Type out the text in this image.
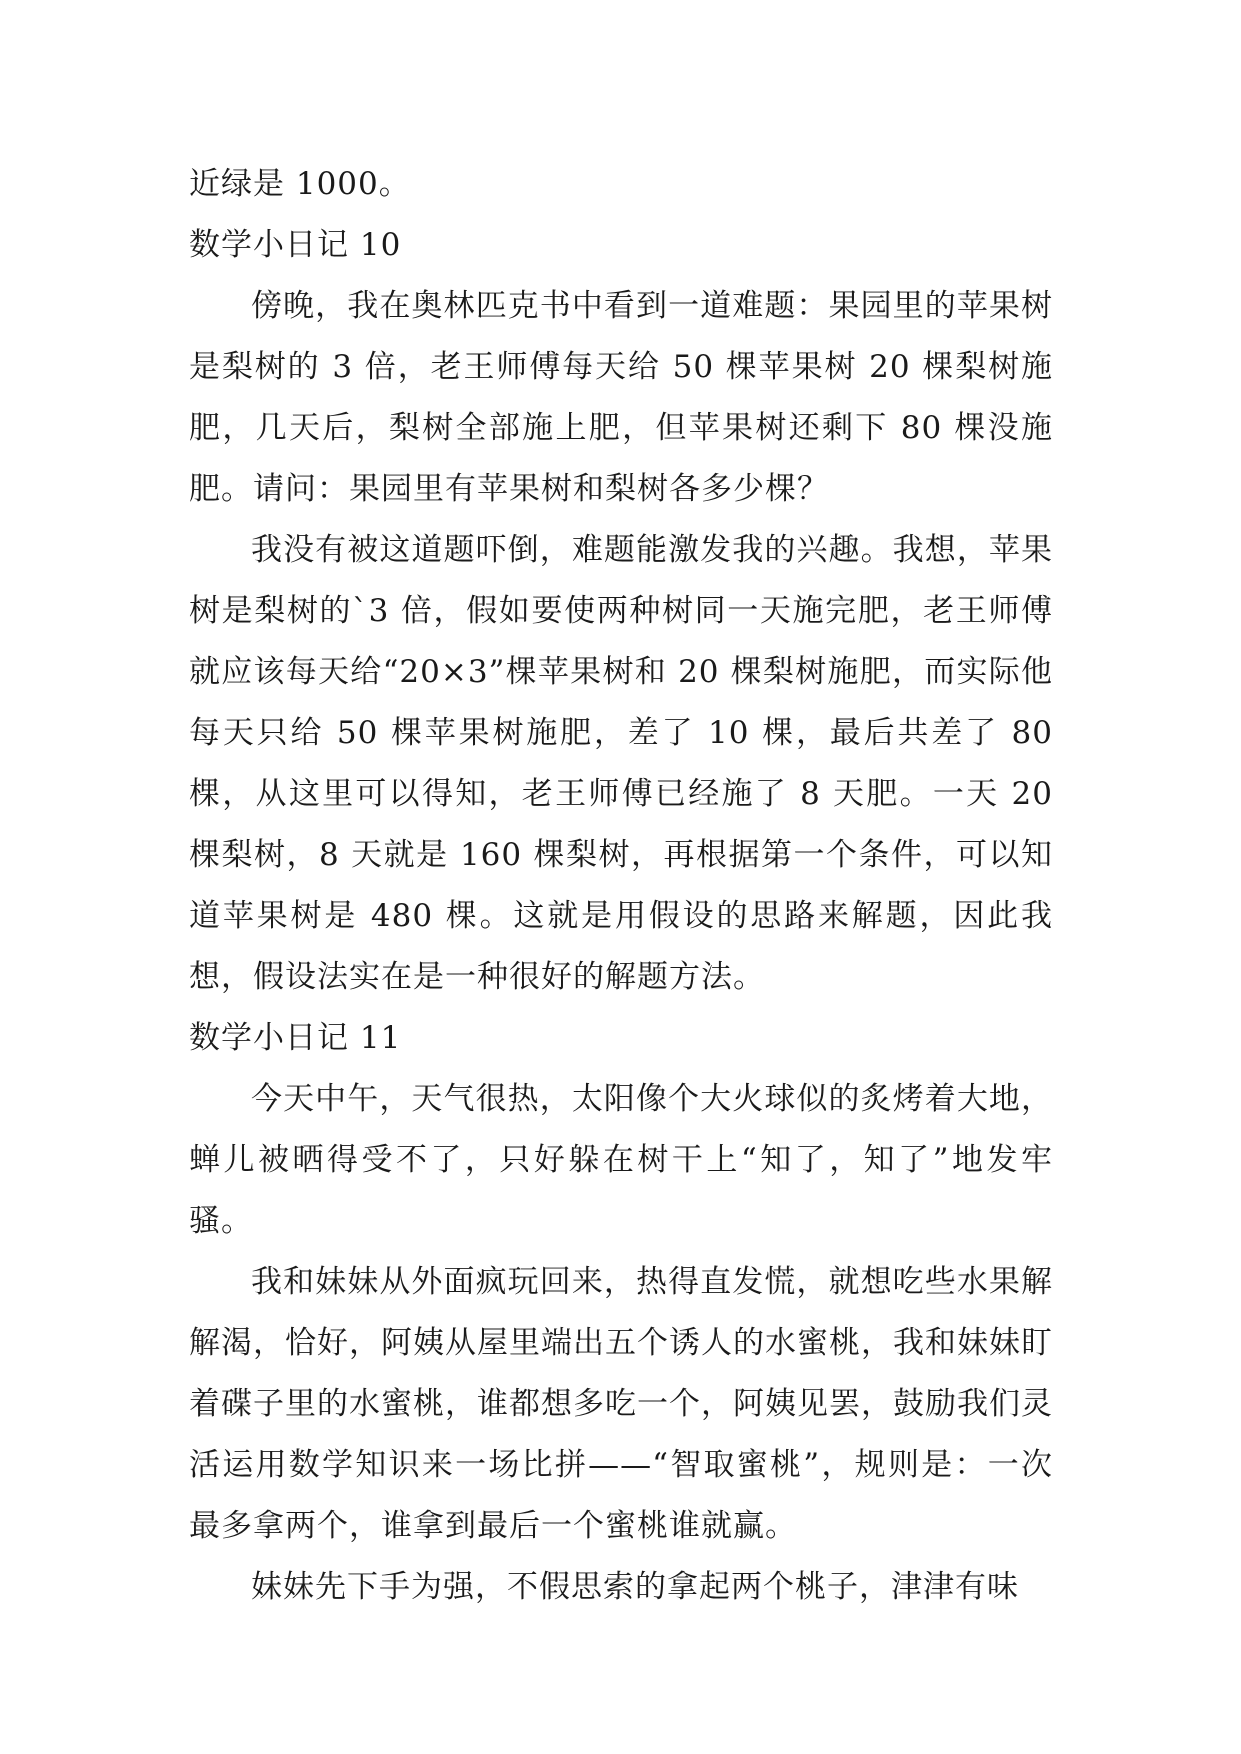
近绿是 1000。

数学小日记 10

傍晚，我在奥林匹克书中看到一道难题：果园里的苹果树是梨树的 3 倍，老王师傅每天给 50 棵苹果树 20 棵梨树施肥，几天后，梨树全部施上肥，但苹果树还剩下 80 棵没施肥。请问：果园里有苹果树和梨树各多少棵？

我没有被这道题吓倒，难题能激发我的兴趣。我想，苹果树是梨树的`3 倍，假如要使两种树同一天施完肥，老王师傅就应该每天给“20×3”棵苹果树和 20 棵梨树施肥，而实际他每天只给 50 棵苹果树施肥，差了 10 棵，最后共差了 80 棵，从这里可以得知，老王师傅已经施了 8 天肥。一天 20 棵梨树，8 天就是 160 棵梨树，再根据第一个条件，可以知道苹果树是 480 棵。这就是用假设的思路来解题，因此我想，假设法实在是一种很好的解题方法。

数学小日记 11

今天中午，天气很热，太阳像个大火球似的炙烤着大地，蝉儿被晒得受不了，只好躲在树干上“知了，知了”地发牢骚。

我和妹妹从外面疯玩回来，热得直发慌，就想吃些水果解解渴，恰好，阿姨从屋里端出五个诱人的水蜜桃，我和妹妹盯着碟子里的水蜜桃，谁都想多吃一个，阿姨见罢，鼓励我们灵活运用数学知识来一场比拼——“智取蜜桃”，规则是：一次最多拿两个，谁拿到最后一个蜜桃谁就赢。

妹妹先下手为强，不假思索的拿起两个桃子，津津有味
